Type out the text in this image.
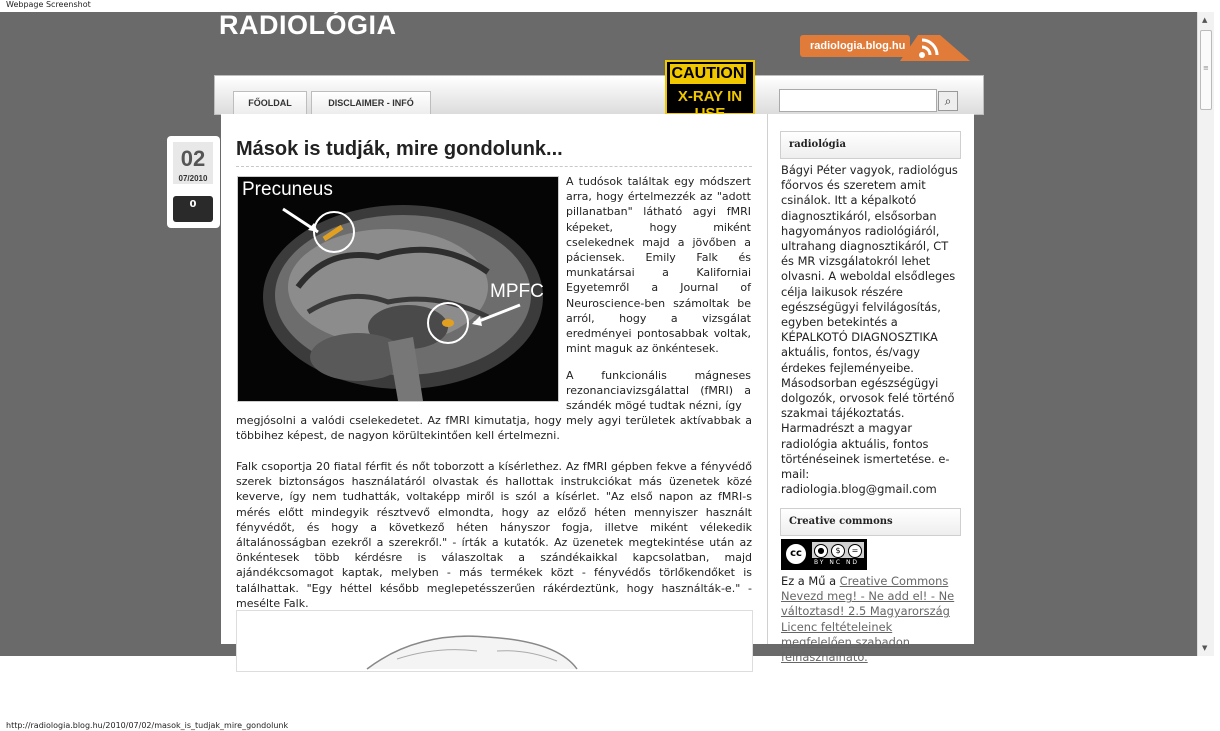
Webpage Screenshot
RADIOLÓGIA
radiologia.blog.hu
FŐOLDAL	DISCLAIMER - INFÓ
CAUTION
X-RAY IN	⌕
02
07/2010
0
Mások is tudják, mire gondolunk...
Precuneus
MPFC
A tudósok találtak egy módszert arra, hogy értelmezzék az "adott pillanatban" látható agyi fMRI képeket, hogy miként cselekednek majd a jövőben a páciensek. Emily Falk és munkatársai a Kaliforniai Egyetemről a Journal of Neuroscience-ben számoltak be arról, hogy a vizsgálat eredményei pontosabbak voltak, mint maguk az önkéntesek.
A funkcionális mágneses rezonanciavizsgálattal (fMRI) a szándék mögé tudtak nézni, így
megjósolni a valódi cselekedetet. Az fMRI kimutatja, hogy mely agyi területek aktívabbak a többihez képest, de nagyon körültekintően kell értelmezni.
Falk csoportja 20 fiatal férfit és nőt toborzott a kísérlethez. Az fMRI gépben fekve a fényvédő szerek biztonságos használatáról olvastak és hallottak instrukciókat más üzenetek közé keverve, így nem tudhatták, voltaképp miről is szól a kísérlet. "Az első napon az fMRI-s mérés előtt mindegyik résztvevő elmondta, hogy az előző héten mennyiszer használt fényvédőt, és hogy a következő héten hányszor fogja, illetve miként vélekedik általánosságban ezekről a szerekről." - írták a kutatók. Az üzenetek megtekintése után az önkéntesek több kérdésre is válaszoltak a szándékaikkal kapcsolatban, majd ajándékcsomagot kaptak, melyben - más termékek közt - fényvédős törlőkendőket is találhattak. "Egy héttel később meglepetésszerűen rákérdeztünk, hogy használták-e." - mesélte Falk.
radiológia
Bágyi Péter vagyok, radiológus főorvos és szeretem amit csinálok. Itt a képalkotó diagnosztikáról, elsősorban hagyományos radiológiáról, ultrahang diagnosztikáról, CT és MR vizsgálatokról lehet olvasni. A weboldal elsődleges célja laikusok részére egészségügyi felvilágosítás, egyben betekintés a KÉPALKOTÓ DIAGNOSZTIKA aktuális, fontos, és/vagy érdekes fejleményeibe. Másodsorban egészségügyi dolgozók, orvosok felé történő szakmai tájékoztatás. Harmadrészt a magyar radiológia aktuális, fontos történéseinek ismertetése. e-mail: radiologia.blog@gmail.com
Creative commons
cc	●	$	=
BY NC ND
Ez a Mű a Creative Commons Nevezd meg! - Ne add el! - Ne változtasd! 2.5 Magyarország Licenc feltételeinek megfelelően szabadon felhasználható.
▲
≡
▼
http://radiologia.blog.hu/2010/07/02/masok_is_tudjak_mire_gondolunk
